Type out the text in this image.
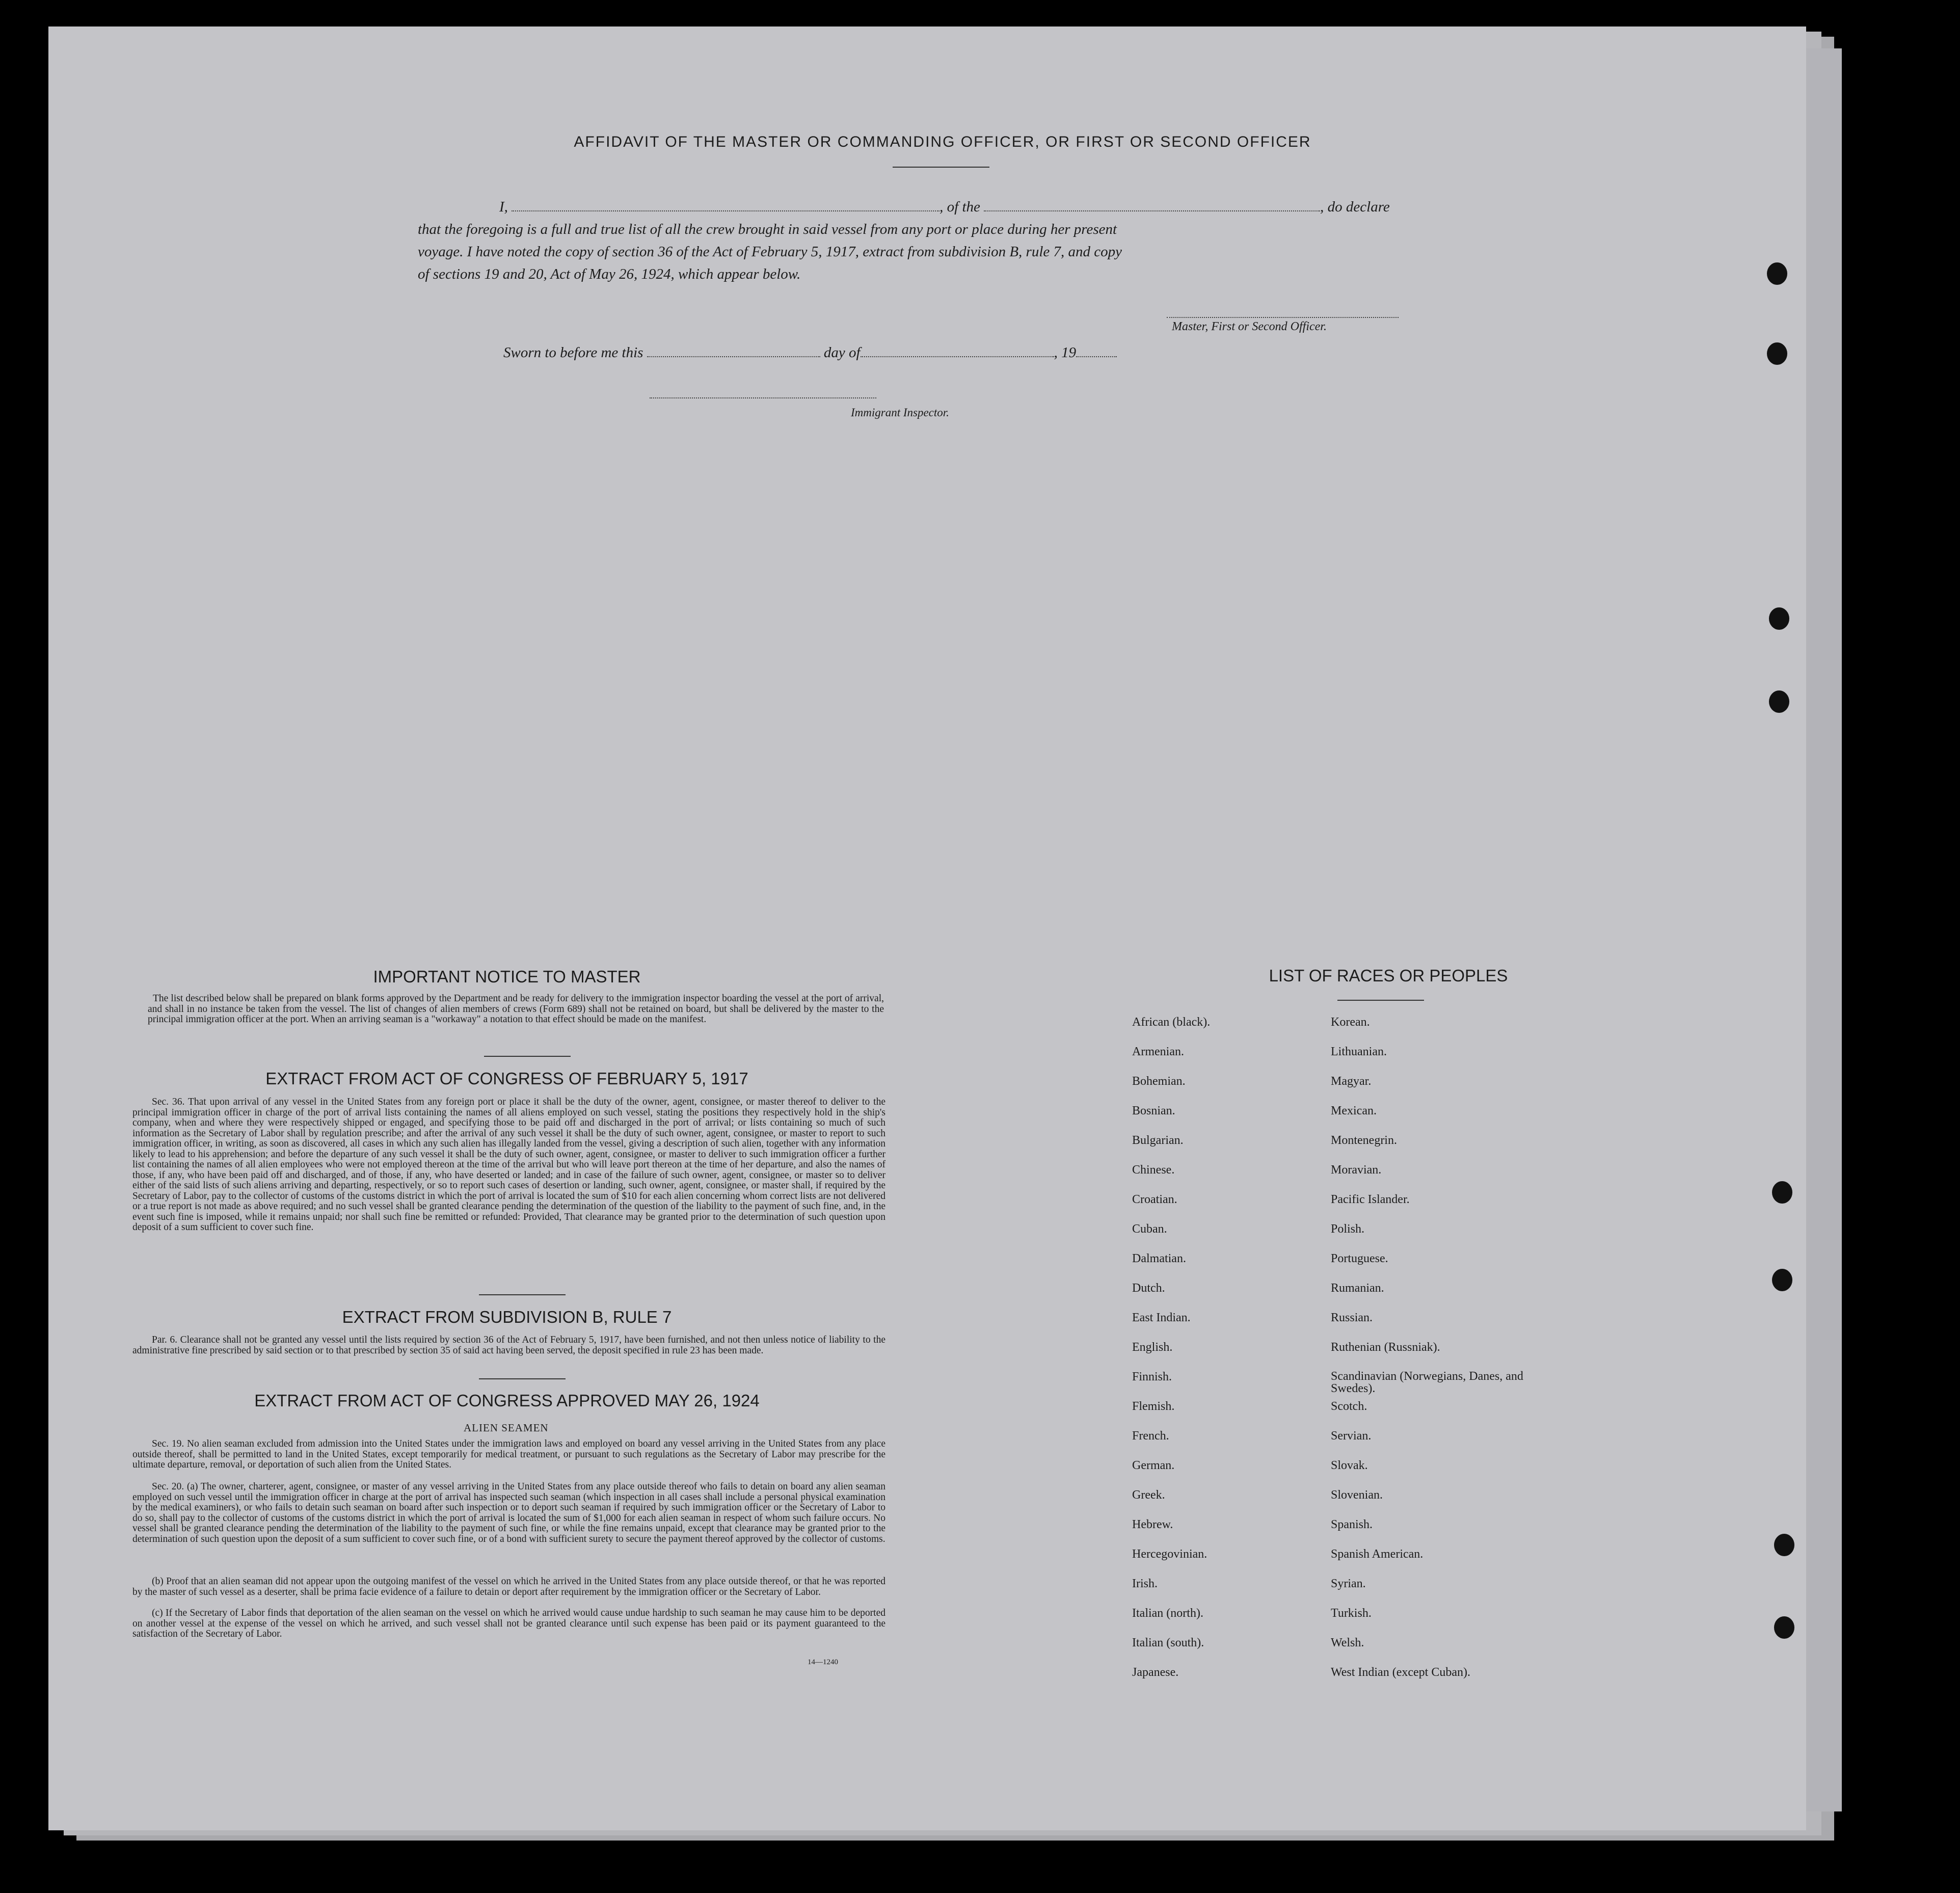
AFFIDAVIT OF THE MASTER OR COMMANDING OFFICER, OR FIRST OR SECOND OFFICER
I,	, of the	, do declare
that the foregoing is a full and true list of all the crew brought in said vessel from any port or place during her present
voyage. I have noted the copy of section 36 of the Act of February 5, 1917, extract from subdivision B, rule 7, and copy
of sections 19 and 20, Act of May 26, 1924, which appear below.
Master, First or Second Officer.
Sworn to before me this	day of	, 19
Immigrant Inspector.
IMPORTANT NOTICE TO MASTER
The list described below shall be prepared on blank forms approved by the Department and be ready for delivery to the immigration inspector boarding the vessel at the port of arrival, and shall in no instance be taken from the vessel. The list of changes of alien members of crews (Form 689) shall not be retained on board, but shall be delivered by the master to the principal immigration officer at the port. When an arriving seaman is a "workaway" a notation to that effect should be made on the manifest.
EXTRACT FROM ACT OF CONGRESS OF FEBRUARY 5, 1917
Sec. 36. That upon arrival of any vessel in the United States from any foreign port or place it shall be the duty of the owner, agent, consignee, or master thereof to deliver to the principal immigration officer in charge of the port of arrival lists containing the names of all aliens employed on such vessel, stating the positions they respectively hold in the ship's company, when and where they were respectively shipped or engaged, and specifying those to be paid off and discharged in the port of arrival; or lists containing so much of such information as the Secretary of Labor shall by regulation prescribe; and after the arrival of any such vessel it shall be the duty of such owner, agent, consignee, or master to report to such immigration officer, in writing, as soon as discovered, all cases in which any such alien has illegally landed from the vessel, giving a description of such alien, together with any information likely to lead to his apprehension; and before the departure of any such vessel it shall be the duty of such owner, agent, consignee, or master to deliver to such immigration officer a further list containing the names of all alien employees who were not employed thereon at the time of the arrival but who will leave port thereon at the time of her departure, and also the names of those, if any, who have been paid off and discharged, and of those, if any, who have deserted or landed; and in case of the failure of such owner, agent, consignee, or master so to deliver either of the said lists of such aliens arriving and departing, respectively, or so to report such cases of desertion or landing, such owner, agent, consignee, or master shall, if required by the Secretary of Labor, pay to the collector of customs of the customs district in which the port of arrival is located the sum of $10 for each alien concerning whom correct lists are not delivered or a true report is not made as above required; and no such vessel shall be granted clearance pending the determination of the question of the liability to the payment of such fine, and, in the event such fine is imposed, while it remains unpaid; nor shall such fine be remitted or refunded: Provided, That clearance may be granted prior to the determination of such question upon deposit of a sum sufficient to cover such fine.
EXTRACT FROM SUBDIVISION B, RULE 7
Par. 6. Clearance shall not be granted any vessel until the lists required by section 36 of the Act of February 5, 1917, have been furnished, and not then unless notice of liability to the administrative fine prescribed by said section or to that prescribed by section 35 of said act having been served, the deposit specified in rule 23 has been made.
EXTRACT FROM ACT OF CONGRESS APPROVED MAY 26, 1924
ALIEN SEAMEN
Sec. 19. No alien seaman excluded from admission into the United States under the immigration laws and employed on board any vessel arriving in the United States from any place outside thereof, shall be permitted to land in the United States, except temporarily for medical treatment, or pursuant to such regulations as the Secretary of Labor may prescribe for the ultimate departure, removal, or deportation of such alien from the United States.
Sec. 20. (a) The owner, charterer, agent, consignee, or master of any vessel arriving in the United States from any place outside thereof who fails to detain on board any alien seaman employed on such vessel until the immigration officer in charge at the port of arrival has inspected such seaman (which inspection in all cases shall include a personal physical examination by the medical examiners), or who fails to detain such seaman on board after such inspection or to deport such seaman if required by such immigration officer or the Secretary of Labor to do so, shall pay to the collector of customs of the customs district in which the port of arrival is located the sum of $1,000 for each alien seaman in respect of whom such failure occurs. No vessel shall be granted clearance pending the determination of the liability to the payment of such fine, or while the fine remains unpaid, except that clearance may be granted prior to the determination of such question upon the deposit of a sum sufficient to cover such fine, or of a bond with sufficient surety to secure the payment thereof approved by the collector of customs.
(b) Proof that an alien seaman did not appear upon the outgoing manifest of the vessel on which he arrived in the United States from any place outside thereof, or that he was reported by the master of such vessel as a deserter, shall be prima facie evidence of a failure to detain or deport after requirement by the immigration officer or the Secretary of Labor.
(c) If the Secretary of Labor finds that deportation of the alien seaman on the vessel on which he arrived would cause undue hardship to such seaman he may cause him to be deported on another vessel at the expense of the vessel on which he arrived, and such vessel shall not be granted clearance until such expense has been paid or its payment guaranteed to the satisfaction of the Secretary of Labor.
14—1240
LIST OF RACES OR PEOPLES
African (black).	Korean.
Armenian.	Lithuanian.
Bohemian.	Magyar.
Bosnian.	Mexican.
Bulgarian.	Montenegrin.
Chinese.	Moravian.
Croatian.	Pacific Islander.
Cuban.	Polish.
Dalmatian.	Portuguese.
Dutch.	Rumanian.
East Indian.	Russian.
English.	Ruthenian (Russniak).
Finnish.	Scandinavian (Norwegians, Danes, and Swedes).
Flemish.	Scotch.
French.	Servian.
German.	Slovak.
Greek.	Slovenian.
Hebrew.	Spanish.
Hercegovinian.	Spanish American.
Irish.	Syrian.
Italian (north).	Turkish.
Italian (south).	Welsh.
Japanese.	West Indian (except Cuban).
